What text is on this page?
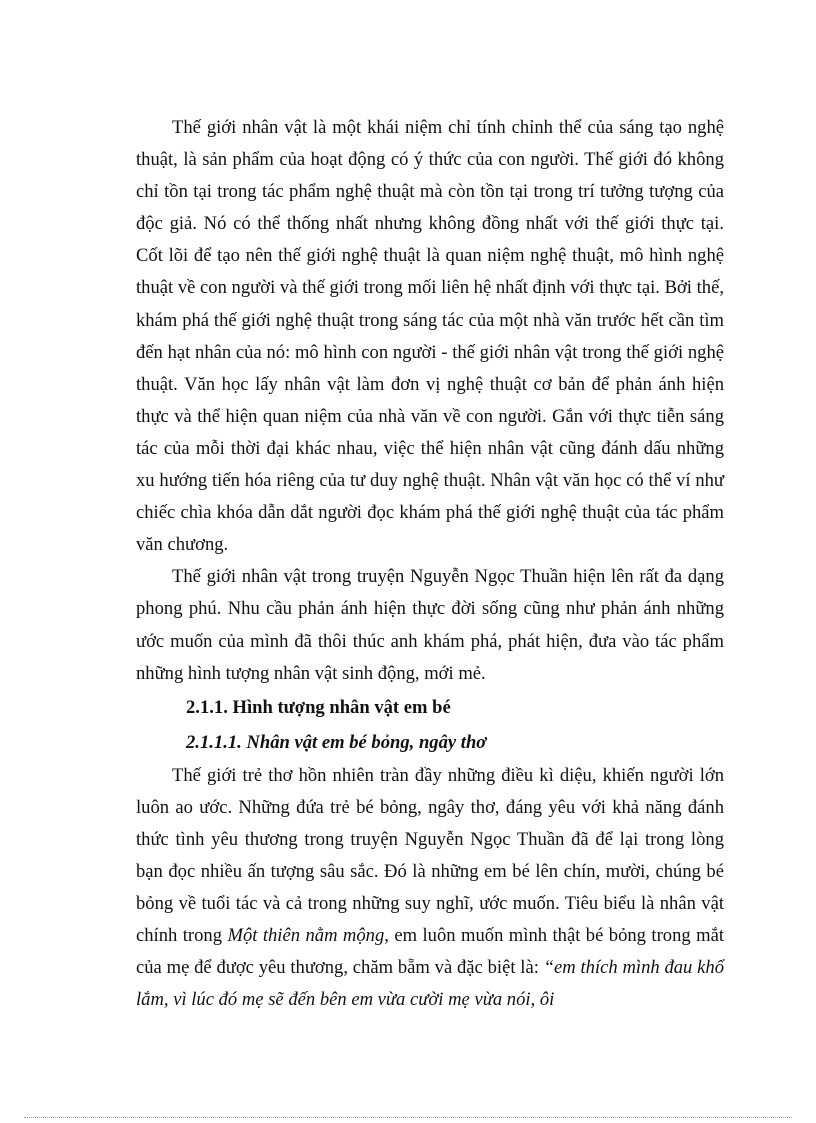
Thế giới nhân vật là một khái niệm chỉ tính chỉnh thể của sáng tạo nghệ thuật, là sản phẩm của hoạt động có ý thức của con người. Thế giới đó không chỉ tồn tại trong tác phẩm nghệ thuật mà còn tồn tại trong trí tưởng tượng của độc giả. Nó có thể thống nhất nhưng không đồng nhất với thế giới thực tại. Cốt lõi để tạo nên thế giới nghệ thuật là quan niệm nghệ thuật, mô hình nghệ thuật về con người và thế giới trong mối liên hệ nhất định với thực tại. Bởi thế, khám phá thế giới nghệ thuật trong sáng tác của một nhà văn trước hết cần tìm đến hạt nhân của nó: mô hình con người - thế giới nhân vật trong thế giới nghệ thuật. Văn học lấy nhân vật làm đơn vị nghệ thuật cơ bản để phản ánh hiện thực và thể hiện quan niệm của nhà văn về con người. Gắn với thực tiễn sáng tác của mỗi thời đại khác nhau, việc thể hiện nhân vật cũng đánh dấu những xu hướng tiến hóa riêng của tư duy nghệ thuật. Nhân vật văn học có thể ví như chiếc chìa khóa dẫn dắt người đọc khám phá thế giới nghệ thuật của tác phẩm văn chương.

Thế giới nhân vật trong truyện Nguyễn Ngọc Thuần hiện lên rất đa dạng phong phú. Nhu cầu phản ánh hiện thực đời sống cũng như phản ánh những ước muốn của mình đã thôi thúc anh khám phá, phát hiện, đưa vào tác phẩm những hình tượng nhân vật sinh động, mới mẻ.

2.1.1. Hình tượng nhân vật em bé

2.1.1.1. Nhân vật em bé bỏng, ngây thơ

Thế giới trẻ thơ hồn nhiên tràn đầy những điều kì diệu, khiến người lớn luôn ao ước. Những đứa trẻ bé bỏng, ngây thơ, đáng yêu với khả năng đánh thức tình yêu thương trong truyện Nguyễn Ngọc Thuần đã để lại trong lòng bạn đọc nhiều ấn tượng sâu sắc. Đó là những em bé lên chín, mười, chúng bé bỏng về tuổi tác và cả trong những suy nghĩ, ước muốn. Tiêu biểu là nhân vật chính trong Một thiên nằm mộng, em luôn muốn mình thật bé bỏng trong mắt của mẹ để được yêu thương, chăm bẵm và đặc biệt là: “em thích mình đau khổ lắm, vì lúc đó mẹ sẽ đến bên em vừa cười mẹ vừa nói, ôi
